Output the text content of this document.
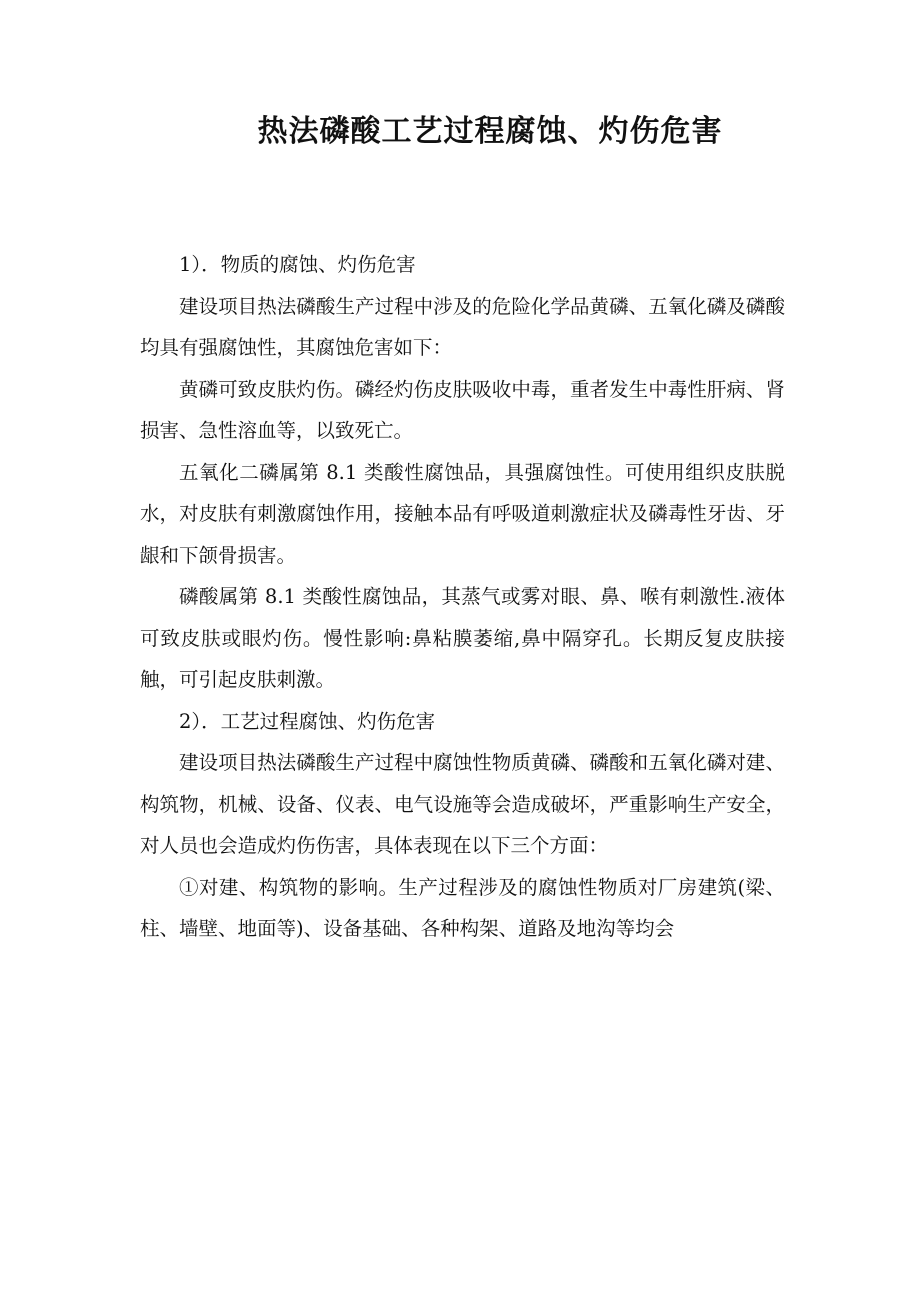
热法磷酸工艺过程腐蚀、灼伤危害

1）．物质的腐蚀、灼伤危害

建设项目热法磷酸生产过程中涉及的危险化学品黄磷、五氧化磷及磷酸均具有强腐蚀性，其腐蚀危害如下：

黄磷可致皮肤灼伤。磷经灼伤皮肤吸收中毒，重者发生中毒性肝病、肾损害、急性溶血等，以致死亡。

五氧化二磷属第 8.1 类酸性腐蚀品，具强腐蚀性。可使用组织皮肤脱水，对皮肤有刺激腐蚀作用，接触本品有呼吸道刺激症状及磷毒性牙齿、牙龈和下颌骨损害。

磷酸属第 8.1 类酸性腐蚀品，其蒸气或雾对眼、鼻、喉有刺激性.液体可致皮肤或眼灼伤。慢性影响:鼻粘膜萎缩,鼻中隔穿孔。长期反复皮肤接触，可引起皮肤刺激。

2）．工艺过程腐蚀、灼伤危害

建设项目热法磷酸生产过程中腐蚀性物质黄磷、磷酸和五氧化磷对建、构筑物，机械、设备、仪表、电气设施等会造成破坏，严重影响生产安全，对人员也会造成灼伤伤害，具体表现在以下三个方面：

①对建、构筑物的影响。生产过程涉及的腐蚀性物质对厂房建筑(梁、柱、墙壁、地面等)、设备基础、各种构架、道路及地沟等均会
